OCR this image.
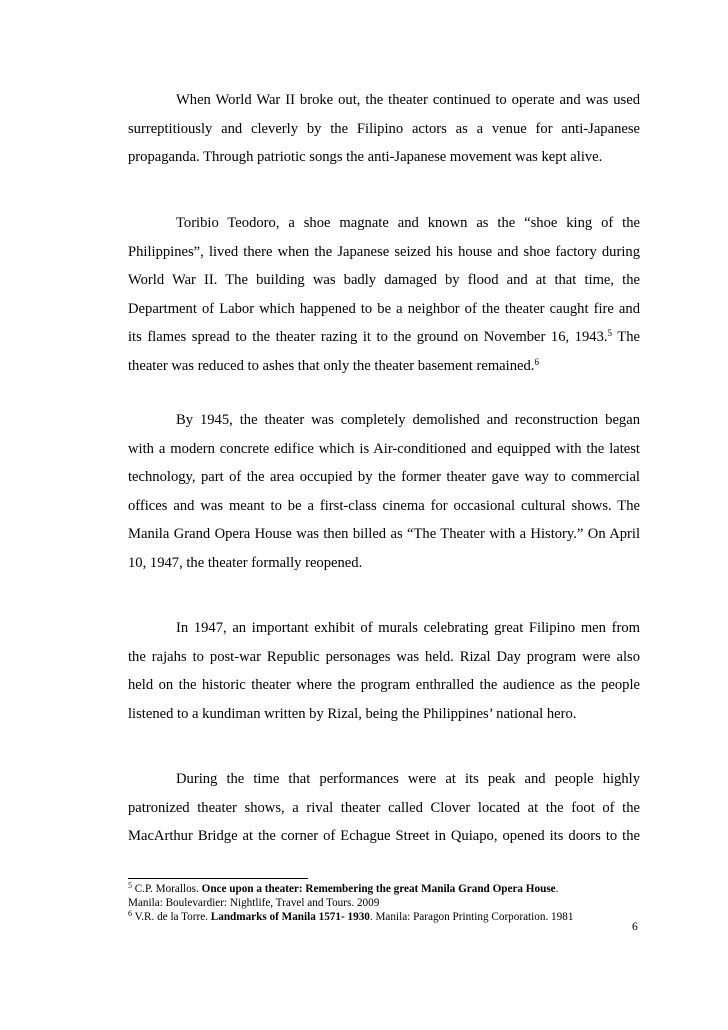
When World War II broke out, the theater continued to operate and was used
surreptitiously and cleverly by the Filipino actors as a venue for anti-Japanese
propaganda. Through patriotic songs the anti-Japanese movement was kept alive.
Toribio Teodoro, a shoe magnate and known as the “shoe king of the
Philippines”, lived there when the Japanese seized his house and shoe factory during
World War II. The building was badly damaged by flood and at that time, the
Department of Labor which happened to be a neighbor of the theater caught fire and
its flames spread to the theater razing it to the ground on November 16, 1943.$^5$ The
theater was reduced to ashes that only the theater basement remained.$^6$
By 1945, the theater was completely demolished and reconstruction began
with a modern concrete edifice which is Air-conditioned and equipped with the latest
technology, part of the area occupied by the former theater gave way to commercial
offices and was meant to be a first-class cinema for occasional cultural shows. The
Manila Grand Opera House was then billed as “The Theater with a History.” On April
10, 1947, the theater formally reopened.
In 1947, an important exhibit of murals celebrating great Filipino men from
the rajahs to post-war Republic personages was held. Rizal Day program were also
held on the historic theater where the program enthralled the audience as the people
listened to a kundiman written by Rizal, being the Philippines’ national hero.
During the time that performances were at its peak and people highly
patronized theater shows, a rival theater called Clover located at the foot of the
MacArthur Bridge at the corner of Echague Street in Quiapo, opened its doors to the
$^5$ C.P. Morallos. Once upon a theater: Remembering the great Manila Grand Opera House.
Manila: Boulevardier: Nightlife, Travel and Tours. 2009
$^6$ V.R. de la Torre. Landmarks of Manila 1571- 1930. Manila: Paragon Printing Corporation. 1981
6
